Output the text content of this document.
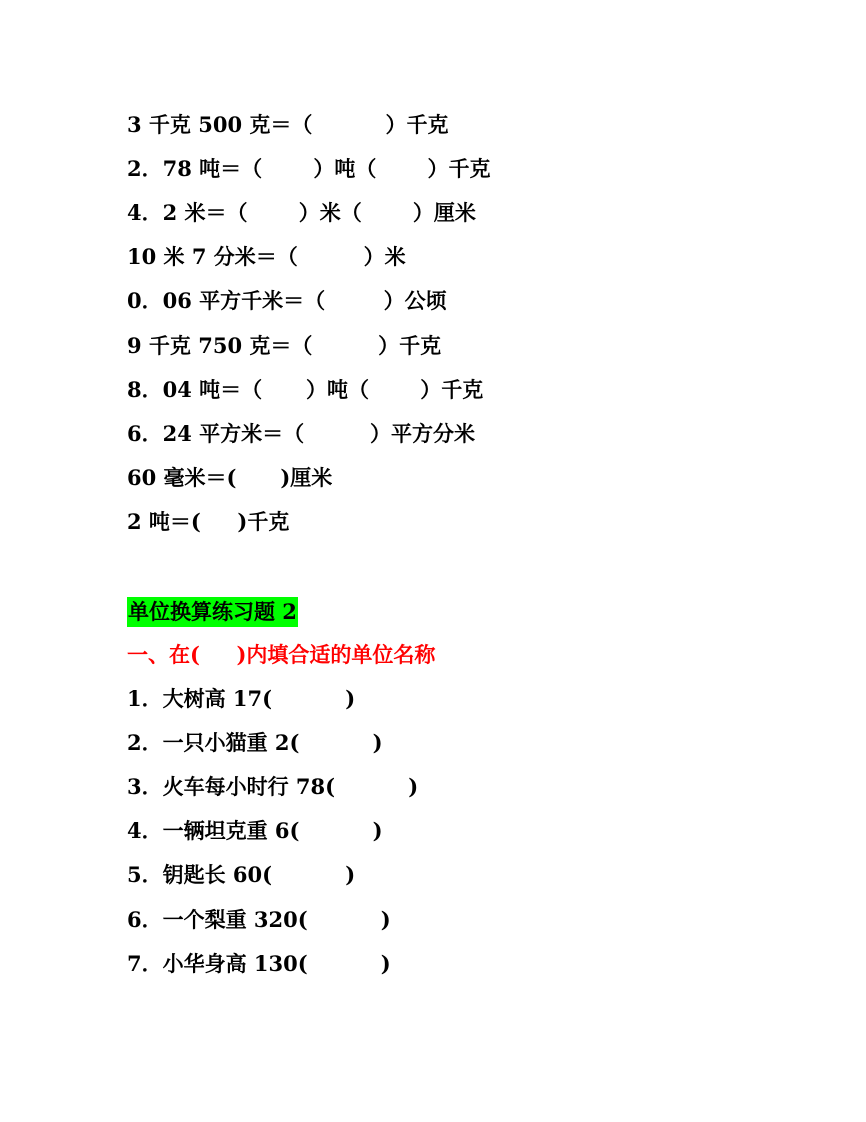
3 千克 500 克＝（          ）千克
2．78 吨＝（       ）吨（       ）千克
4．2 米＝（       ）米（       ）厘米
10 米 7 分米＝（         ）米
0．06 平方千米＝（        ）公顷
9 千克 750 克＝（         ）千克
8．04 吨＝（      ）吨（       ）千克
6．24 平方米＝（         ）平方分米
60 毫米＝(      )厘米
2 吨＝(     )千克
单位换算练习题 2
一、在(     )内填合适的单位名称
1．大树高 17(          )
2．一只小猫重 2(          )
3．火车每小时行 78(          )
4．一辆坦克重 6(          )
5．钥匙长 60(          )
6．一个梨重 320(          )
7．小华身高 130(          )
